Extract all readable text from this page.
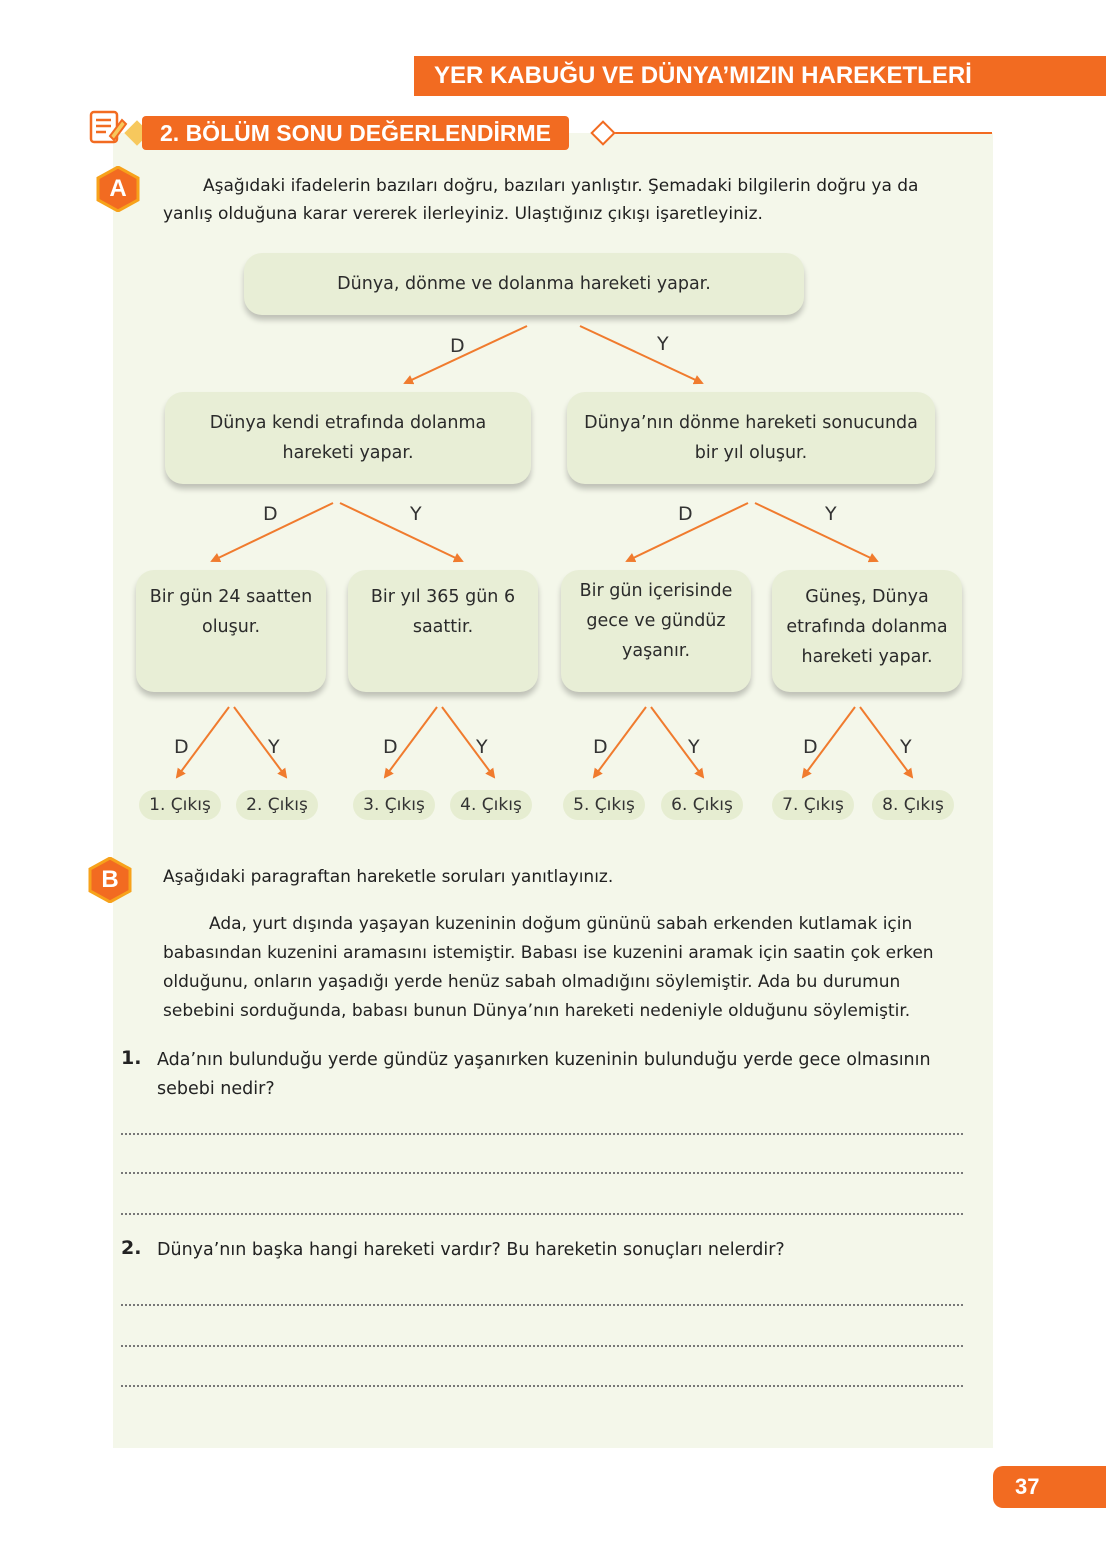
YER KABUĞU VE DÜNYA’MIZIN HAREKETLERİ
2. BÖLÜM SONU DEĞERLENDİRME
A	Aşağıdaki ifadelerin bazıları doğru, bazıları yanlıştır. Şemadaki bilgilerin doğru ya da
yanlış olduğuna karar vererek ilerleyiniz. Ulaştığınız çıkışı işaretleyiniz.
Dünya, dönme ve dolanma hareketi yapar.
Dünya kendi etrafında dolanma
hareketi yapar.
Dünya’nın dönme hareketi sonucunda
bir yıl oluşur.
Bir gün 24 saatten
oluşur.
Bir yıl 365 gün 6
saattir.
Bir gün içerisinde
gece ve gündüz
yaşanır.
Güneş, Dünya
etrafında dolanma
hareketi yapar.
D	Y
D	Y	D	Y
D	Y	D	Y	D	Y	D	Y
1. Çıkış	2. Çıkış	3. Çıkış	4. Çıkış	5. Çıkış	6. Çıkış	7. Çıkış	8. Çıkış
B	Aşağıdaki paragraftan hareketle soruları yanıtlayınız.
Ada, yurt dışında yaşayan kuzeninin doğum gününü sabah erkenden kutlamak için
babasından kuzenini aramasını istemiştir. Babası ise kuzenini aramak için saatin çok erken
olduğunu, onların yaşadığı yerde henüz sabah olmadığını söylemiştir. Ada bu durumun
sebebini sorduğunda, babası bunun Dünya’nın hareketi nedeniyle olduğunu söylemiştir.
1. Ada’nın bulunduğu yerde gündüz yaşanırken kuzeninin bulunduğu yerde gece olmasının
sebebi nedir?
2. Dünya’nın başka hangi hareketi vardır? Bu hareketin sonuçları nelerdir?
37
